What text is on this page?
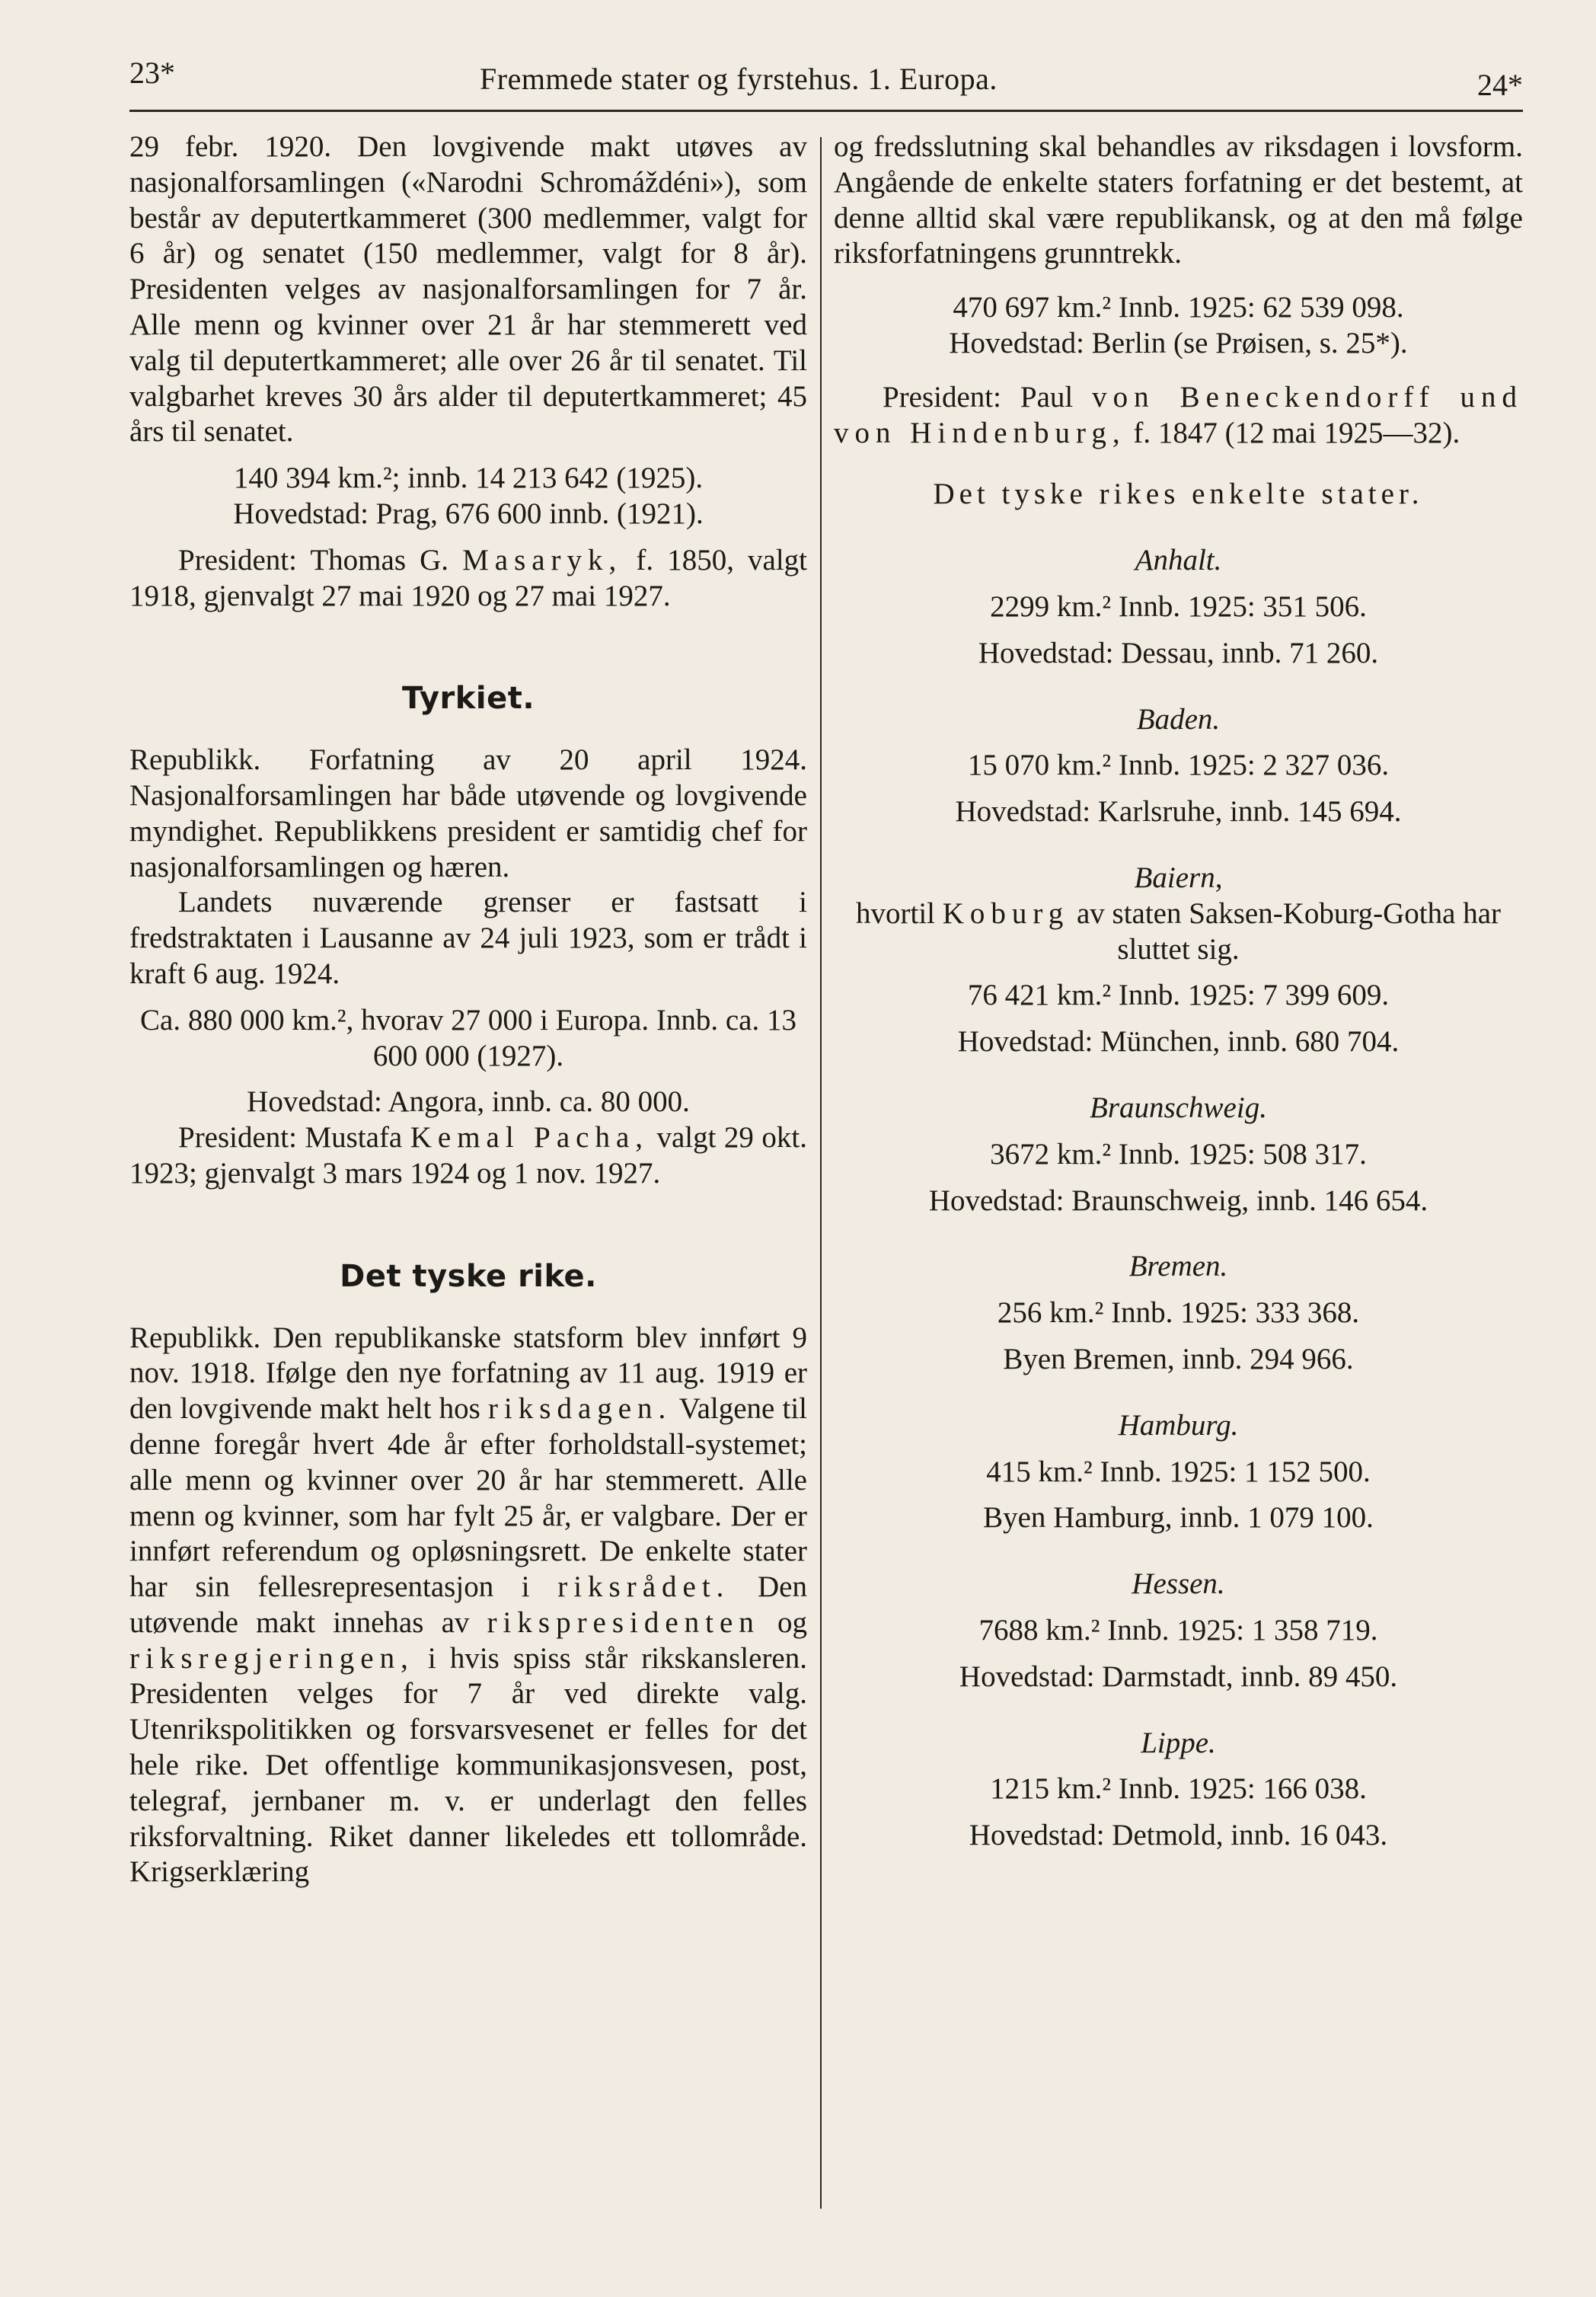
23*	Fremmede stater og fyrstehus. 1. Europa.	24*

29 febr. 1920. Den lovgivende makt utøves av nasjonalforsamlingen («Narodni Schromáždéni»), som består av deputertkammeret (300 medlemmer, valgt for 6 år) og senatet (150 medlemmer, valgt for 8 år). Presidenten velges av nasjonalforsamlingen for 7 år. Alle menn og kvinner over 21 år har stemmerett ved valg til deputertkammeret; alle over 26 år til senatet. Til valgbarhet kreves 30 års alder til deputertkammeret; 45 års til senatet.

140 394 km.²; innb. 14 213 642 (1925).

Hovedstad: Prag, 676 600 innb. (1921).

President: Thomas G. Masaryk, f. 1850, valgt 1918, gjenvalgt 27 mai 1920 og 27 mai 1927.

Tyrkiet.

Republikk. Forfatning av 20 april 1924. Nasjonalforsamlingen har både utøvende og lovgivende myndighet. Republikkens president er samtidig chef for nasjonalforsamlingen og hæren.

Landets nuværende grenser er fastsatt i fredstraktaten i Lausanne av 24 juli 1923, som er trådt i kraft 6 aug. 1924.

Ca. 880 000 km.², hvorav 27 000 i Europa. Innb. ca. 13 600 000 (1927).

Hovedstad: Angora, innb. ca. 80 000.

President: Mustafa Kemal Pacha, valgt 29 okt. 1923; gjenvalgt 3 mars 1924 og 1 nov. 1927.

Det tyske rike.

Republikk. Den republikanske statsform blev innført 9 nov. 1918. Ifølge den nye forfatning av 11 aug. 1919 er den lovgivende makt helt hos riksdagen. Valgene til denne foregår hvert 4de år efter forholdstall-systemet; alle menn og kvinner over 20 år har stemmerett. Alle menn og kvinner, som har fylt 25 år, er valgbare. Der er innført referendum og opløsningsrett. De enkelte stater har sin fellesrepresentasjon i riksrådet. Den utøvende makt innehas av rikspresidenten og riksregjeringen, i hvis spiss står rikskansleren. Presidenten velges for 7 år ved direkte valg. Utenrikspolitikken og forsvarsvesenet er felles for det hele rike. Det offentlige kommunikasjonsvesen, post, telegraf, jernbaner m. v. er underlagt den felles riksforvaltning. Riket danner likeledes ett tollområde. Krigserklæring

og fredsslutning skal behandles av riksdagen i lovsform. Angående de enkelte staters forfatning er det bestemt, at denne alltid skal være republikansk, og at den må følge riksforfatningens grunntrekk.

470 697 km.² Innb. 1925: 62 539 098.

Hovedstad: Berlin (se Prøisen, s. 25*).

President: Paul von Beneckendorff und von Hindenburg, f. 1847 (12 mai 1925—32).

Det tyske rikes enkelte stater.

Anhalt.

2299 km.² Innb. 1925: 351 506.

Hovedstad: Dessau, innb. 71 260.

Baden.

15 070 km.² Innb. 1925: 2 327 036.

Hovedstad: Karlsruhe, innb. 145 694.

Baiern,

hvortil Koburg av staten Saksen-Koburg-Gotha har sluttet sig.

76 421 km.² Innb. 1925: 7 399 609.

Hovedstad: München, innb. 680 704.

Braunschweig.

3672 km.² Innb. 1925: 508 317.

Hovedstad: Braunschweig, innb. 146 654.

Bremen.

256 km.² Innb. 1925: 333 368.

Byen Bremen, innb. 294 966.

Hamburg.

415 km.² Innb. 1925: 1 152 500.

Byen Hamburg, innb. 1 079 100.

Hessen.

7688 km.² Innb. 1925: 1 358 719.

Hovedstad: Darmstadt, innb. 89 450.

Lippe.

1215 km.² Innb. 1925: 166 038.

Hovedstad: Detmold, innb. 16 043.
